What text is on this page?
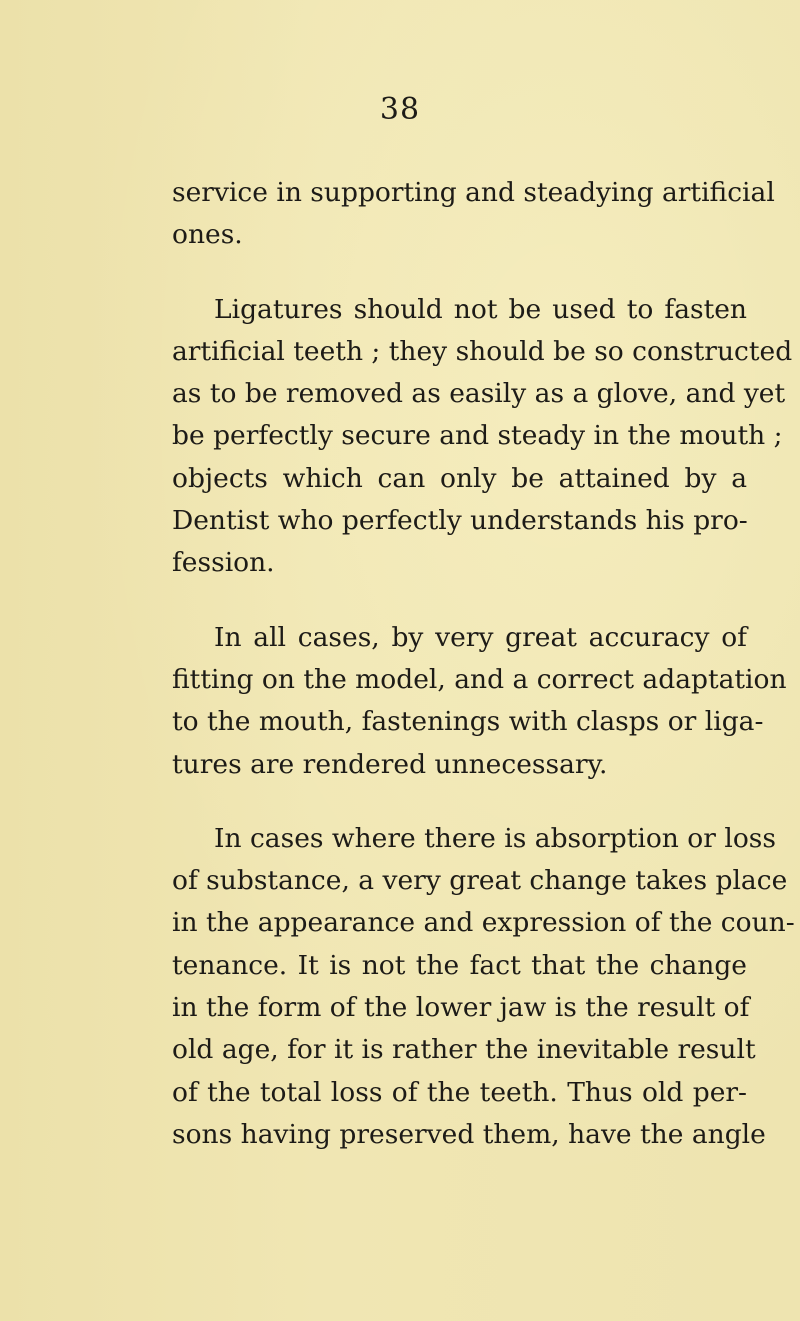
38

service in supporting and steadying artificial
ones.

Ligatures should not be used to fasten
artificial teeth ; they should be so constructed
as to be removed as easily as a glove, and yet
be perfectly secure and steady in the mouth ;
objects which can only be attained by a
Dentist who perfectly understands his pro-
fession.

In all cases, by very great accuracy of
fitting on the model, and a correct adaptation
to the mouth, fastenings with clasps or liga-
tures are rendered unnecessary.

In cases where there is absorption or loss
of substance, a very great change takes place
in the appearance and expression of the coun-
tenance. It is not the fact that the change
in the form of the lower jaw is the result of
old age, for it is rather the inevitable result
of the total loss of the teeth. Thus old per-
sons having preserved them, have the angle
